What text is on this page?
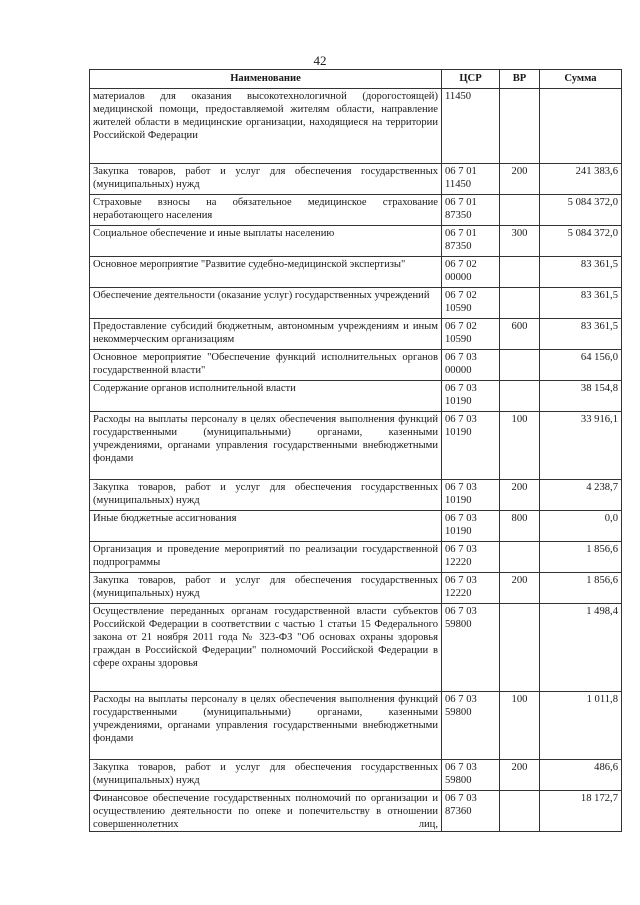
42
Наименование	ЦСР	ВР	Сумма
материалов для оказания высокотехнологичной (дорогостоящей) медицинской помощи, предоставляемой жителям области, направление жителей области в медицинские организации, находящиеся на территории Российской Федерации	11450		
Закупка товаров, работ и услуг для обеспечения государственных (муниципальных) нужд	06 7 01 11450	200	241 383,6
Страховые взносы на обязательное медицинское страхование неработающего населения	06 7 01 87350		5 084 372,0
Социальное обеспечение и иные выплаты населению	06 7 01 87350	300	5 084 372,0
Основное мероприятие "Развитие судебно-медицинской экспертизы"	06 7 02 00000		83 361,5
Обеспечение деятельности (оказание услуг) государственных учреждений	06 7 02 10590		83 361,5
Предоставление субсидий бюджетным, автономным учреждениям и иным некоммерческим организациям	06 7 02 10590	600	83 361,5
Основное мероприятие "Обеспечение функций исполнительных органов государственной власти"	06 7 03 00000		64 156,0
Содержание органов исполнительной власти	06 7 03 10190		38 154,8
Расходы на выплаты персоналу в целях обеспечения выполнения функций государственными (муниципальными) органами, казенными учреждениями, органами управления государственными внебюджетными фондами	06 7 03 10190	100	33 916,1
Закупка товаров, работ и услуг для обеспечения государственных (муниципальных) нужд	06 7 03 10190	200	4 238,7
Иные бюджетные ассигнования	06 7 03 10190	800	0,0
Организация и проведение мероприятий по реализации государственной подпрограммы	06 7 03 12220		1 856,6
Закупка товаров, работ и услуг для обеспечения государственных (муниципальных) нужд	06 7 03 12220	200	1 856,6
Осуществление переданных органам государственной власти субъектов Российской Федерации в соответствии с частью 1 статьи 15 Федерального закона от 21 ноября 2011 года № 323-ФЗ "Об основах охраны здоровья граждан в Российской Федерации" полномочий Российской Федерации в сфере охраны здоровья	06 7 03 59800		1 498,4
Расходы на выплаты персоналу в целях обеспечения выполнения функций государственными (муниципальными) органами, казенными учреждениями, органами управления государственными внебюджетными фондами	06 7 03 59800	100	1 011,8
Закупка товаров, работ и услуг для обеспечения государственных (муниципальных) нужд	06 7 03 59800	200	486,6
Финансовое обеспечение государственных полномочий по организации и осуществлению деятельности по опеке и попечительству в отношении совершеннолетних лиц,	06 7 03 87360		18 172,7
